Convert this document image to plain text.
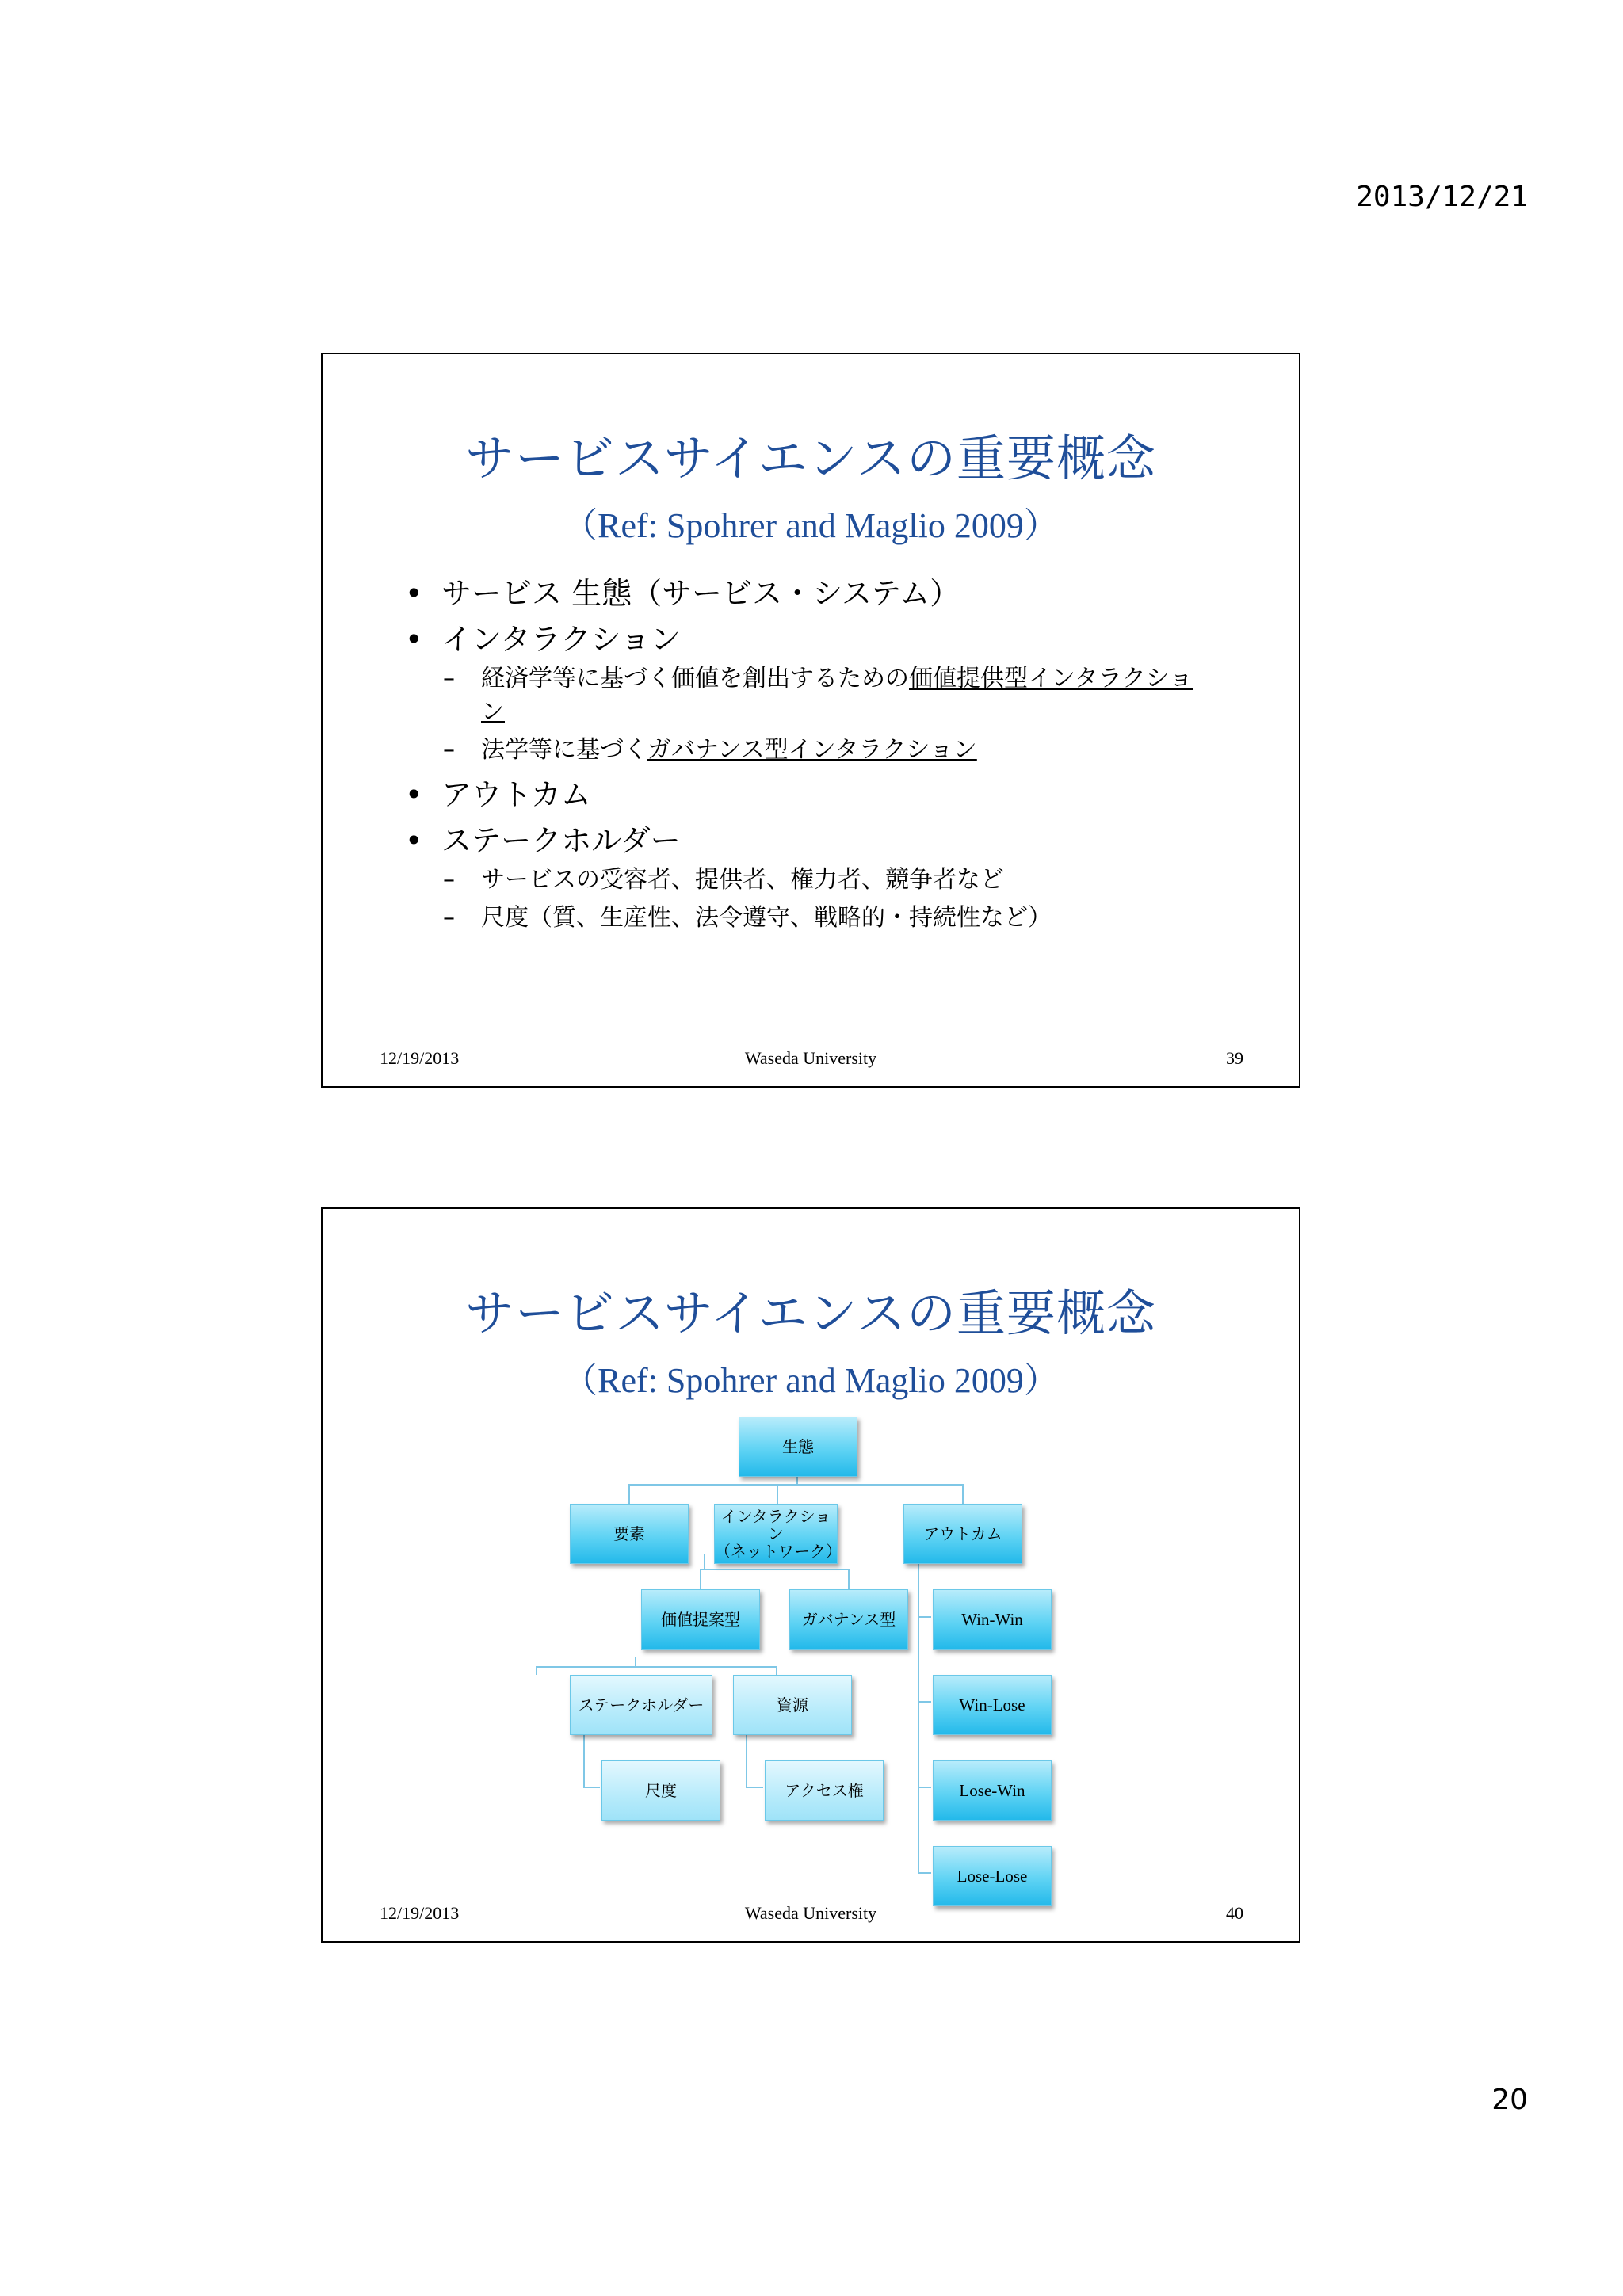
2013/12/21
サービスサイエンスの重要概念
（Ref: Spohrer and Maglio 2009）
• サービス 生態（サービス・システム）
• インタラクション
– 経済学等に基づく価値を創出するための価値提供型インタラクション
– 法学等に基づくガバナンス型インタラクション
• アウトカム
• ステークホルダー
– サービスの受容者、提供者、権力者、競争者など
– 尺度（質、生産性、法令遵守、戦略的・持続性など）
12/19/2013	Waseda University	39
サービスサイエンスの重要概念
（Ref: Spohrer and Maglio 2009）
生態
要素
インタラクション
（ネットワーク）
アウトカム
価値提案型	ガバナンス型
ステークホルダー	資源
尺度	アクセス権
Win-Win
Win-Lose
Lose-Win
Lose-Lose
12/19/2013	Waseda University	40
20
